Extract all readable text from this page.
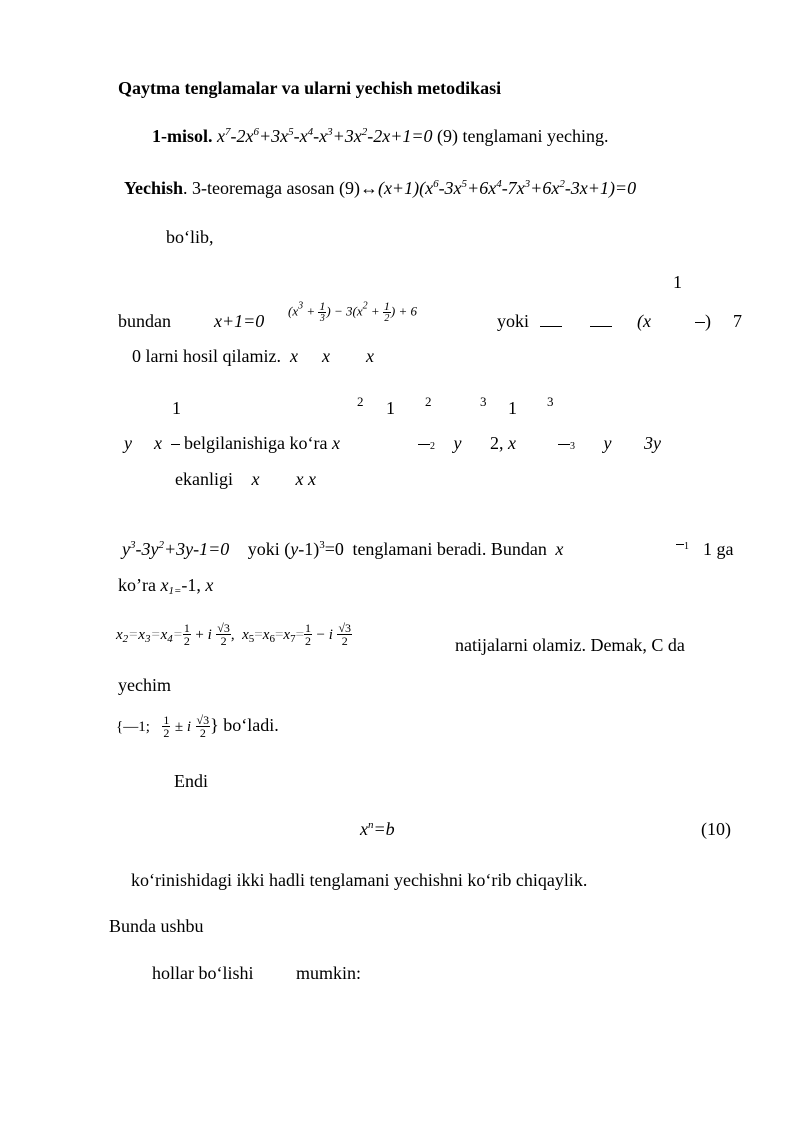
Qaytma tenglamalar va ularni yechish metodikasi
1-misol. $x^7-2x^6+3x^5-x^4-x^3+3x^2-2x+1=0$ (9) tenglamani yeching.
Yechish. 3-teoremaga asosan $(9)\leftrightarrow(x+1)(x^6-3x^5+6x^4-7x^3+6x^2-3x+1)=0$
bo‘lib,
1
bundan x+1=0
($x^3 + \frac{1}{3}$ ) − $3(x^2 + \frac{1}{2}$ ) + 6
yoki	(x	) 7
0 larni hosil qilamiz.  x x x
1	2 1 2	3 1 3
y x belgilanishiga ko‘ra x	2 y 2, x	3 y 3y
ekanligi x x x
$y^3-3y^2+3y-1=0$ yoki $(y-1)^3=0$ tenglamani beradi. Bundan x	1 1 ga
ko’ra $x_{1=}-1$, x
$x_2=x_3=x_4= \frac{1}{2} + i \frac{√3}{2}$ ,  $x_5=x_6=x_7= \frac{1}{2} - i \frac{√3}{2}$	natijalarni olamiz. Demak, C da
yechim
{—1; $\frac{1}{2} \pm i \frac{√3}{2}$ } bo‘ladi.
Endi
$x^n=b$	(10)
ko‘rinishidagi ikki hadli tenglamani yechishni ko‘rib chiqaylik.
Bunda ushbu
hollar bo‘lishi mumkin:
